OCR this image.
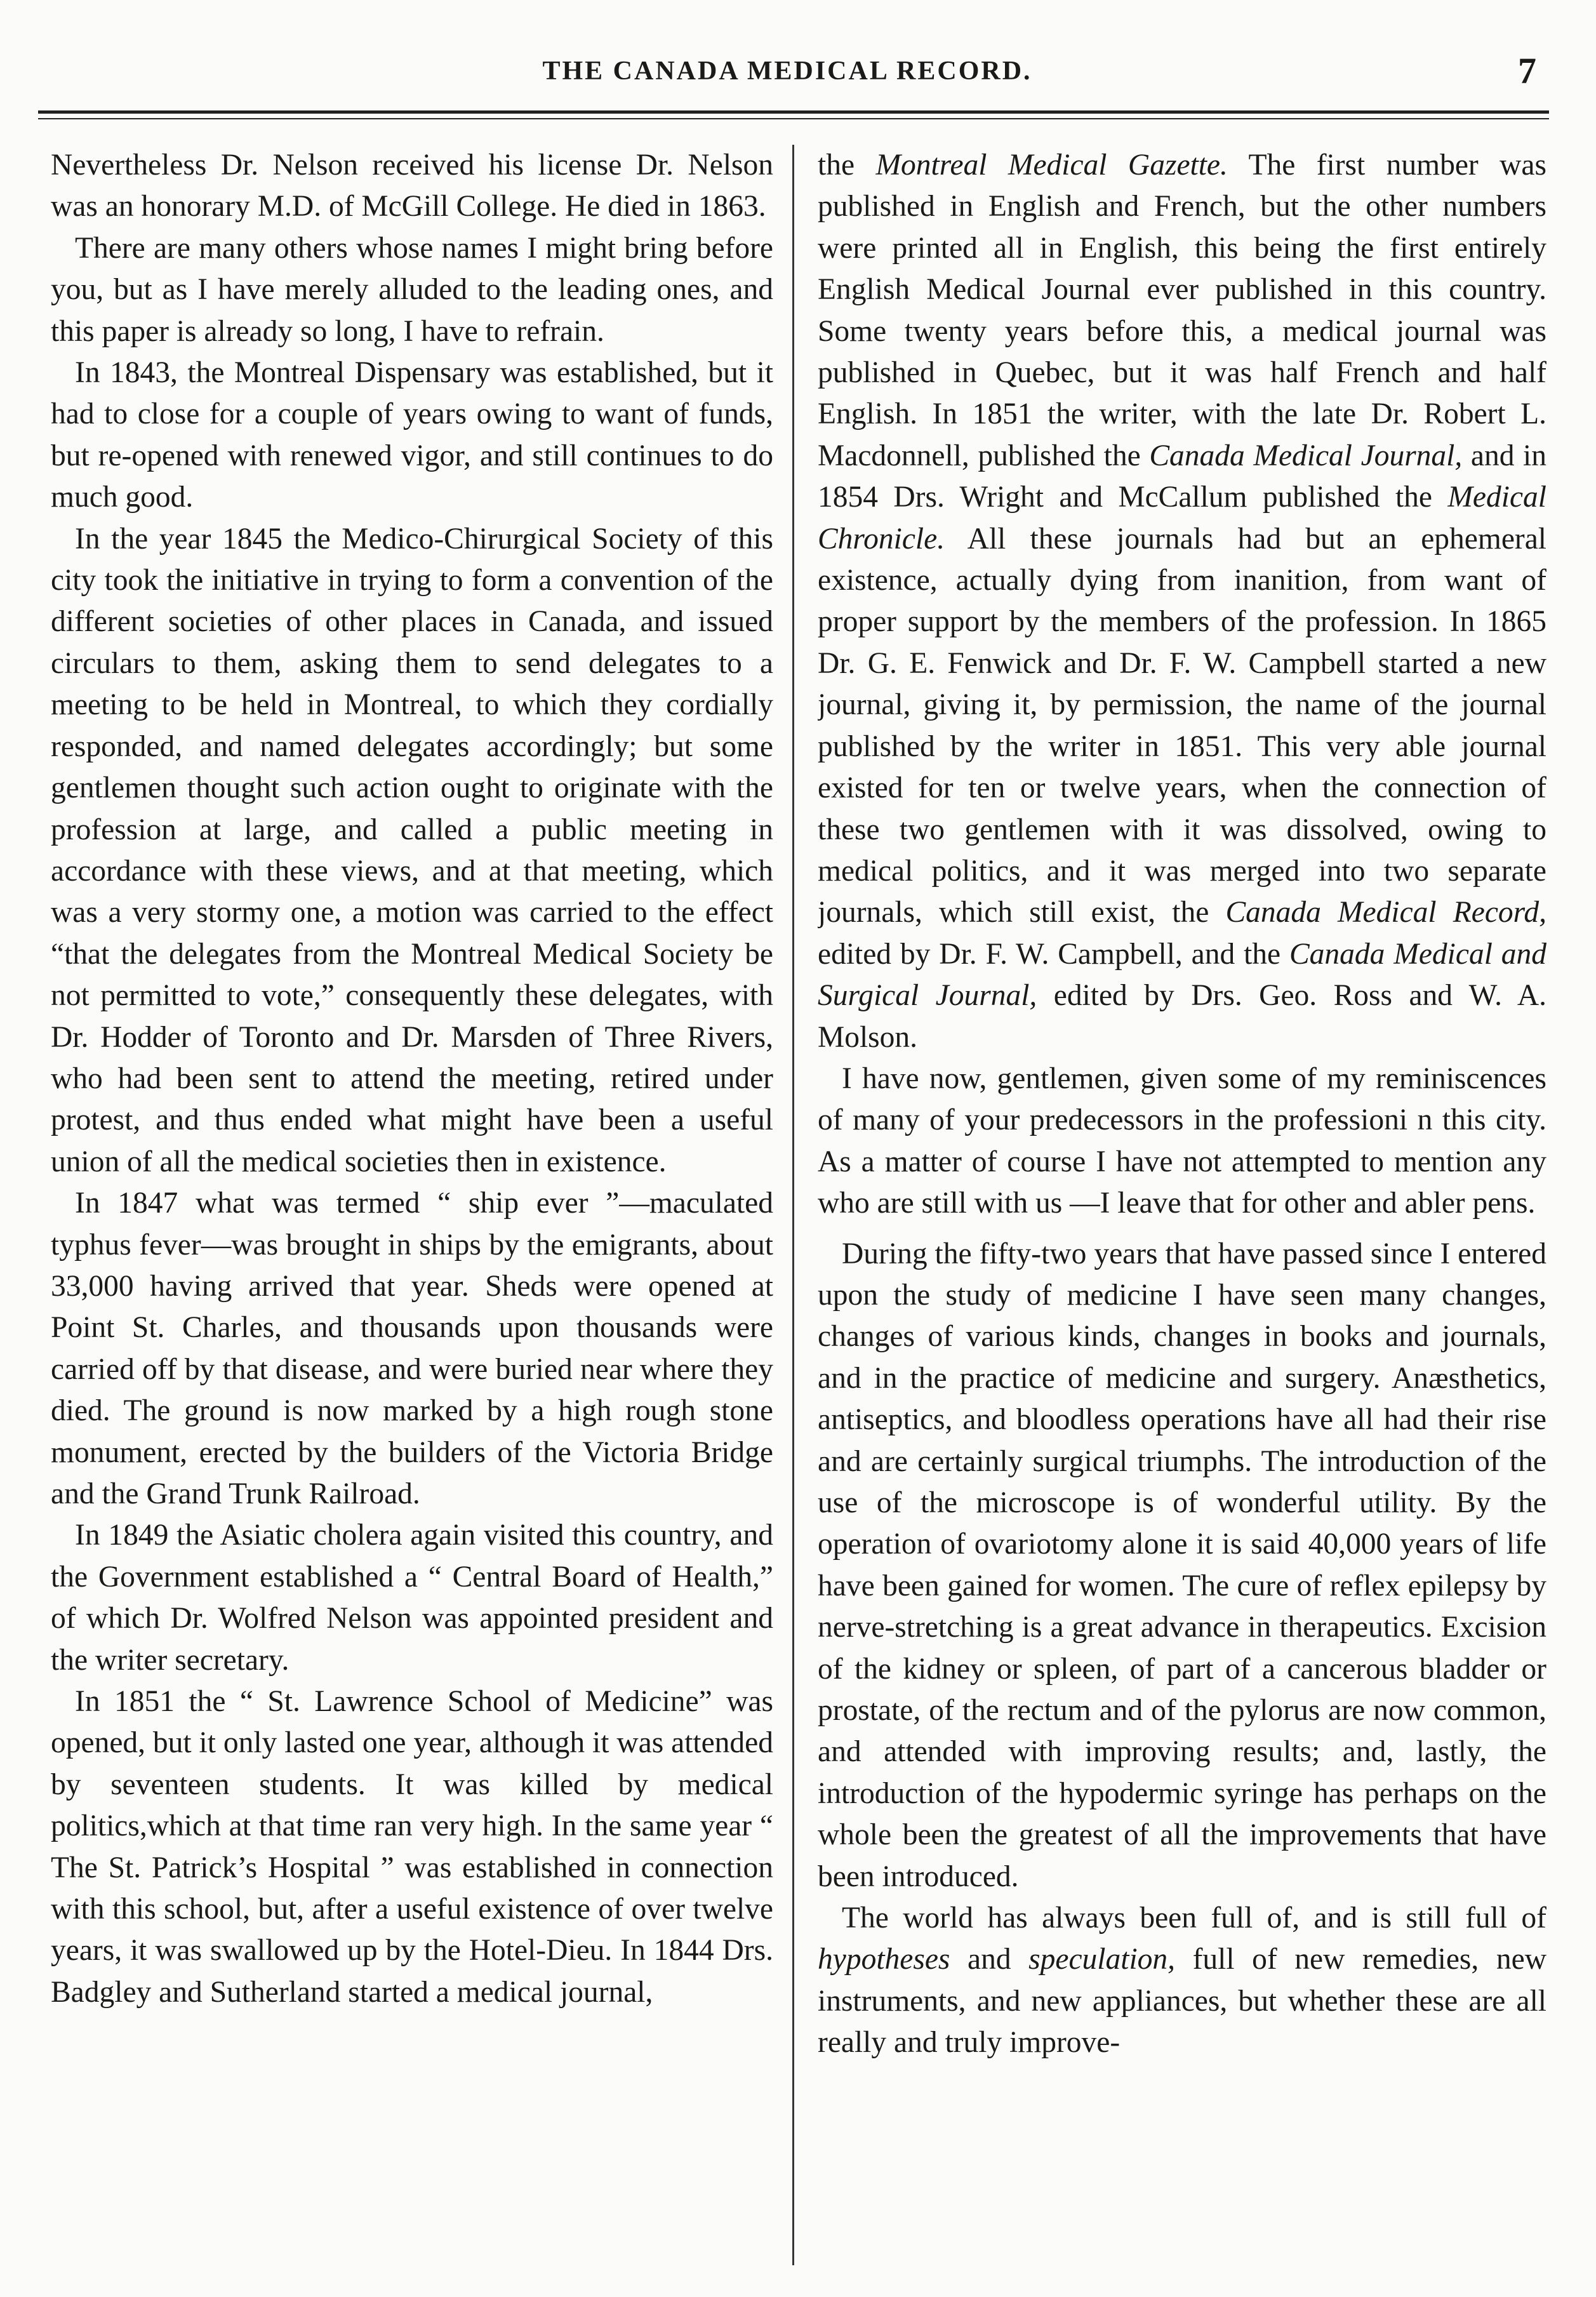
THE CANADA MEDICAL RECORD.	7

Nevertheless Dr. Nelson received his license Dr. Nelson was an honorary M.D. of McGill College. He died in 1863.

There are many others whose names I might bring before you, but as I have merely alluded to the leading ones, and this paper is already so long, I have to refrain.

In 1843, the Montreal Dispensary was established, but it had to close for a couple of years owing to want of funds, but re-opened with renewed vigor, and still continues to do much good.

In the year 1845 the Medico-Chirurgical Society of this city took the initiative in trying to form a convention of the different societies of other places in Canada, and issued circulars to them, asking them to send delegates to a meeting to be held in Montreal, to which they cordially responded, and named delegates accordingly; but some gentlemen thought such action ought to originate with the profession at large, and called a public meeting in accordance with these views, and at that meeting, which was a very stormy one, a motion was carried to the effect “that the delegates from the Montreal Medical Society be not permitted to vote,” consequently these delegates, with Dr. Hodder of Toronto and Dr. Marsden of Three Rivers, who had been sent to attend the meeting, retired under protest, and thus ended what might have been a useful union of all the medical societies then in existence.

In 1847 what was termed “ ship ever ”—maculated typhus fever—was brought in ships by the emigrants, about 33,000 having arrived that year. Sheds were opened at Point St. Charles, and thousands upon thousands were carried off by that disease, and were buried near where they died. The ground is now marked by a high rough stone monument, erected by the builders of the Victoria Bridge and the Grand Trunk Railroad.

In 1849 the Asiatic cholera again visited this country, and the Government established a “ Central Board of Health,” of which Dr. Wolfred Nelson was appointed president and the writer secretary.

In 1851 the “ St. Lawrence School of Medicine” was opened, but it only lasted one year, although it was attended by seventeen students. It was killed by medical politics,which at that time ran very high. In the same year “ The St. Patrick’s Hospital ” was established in connection with this school, but, after a useful existence of over twelve years, it was swallowed up by the Hotel-Dieu. In 1844 Drs. Badgley and Sutherland started a medical journal,

the Montreal Medical Gazette. The first number was published in English and French, but the other numbers were printed all in English, this being the first entirely English Medical Journal ever published in this country. Some twenty years before this, a medical journal was published in Quebec, but it was half French and half English. In 1851 the writer, with the late Dr. Robert L. Macdonnell, published the Canada Medical Journal, and in 1854 Drs. Wright and McCallum published the Medical Chronicle. All these journals had but an ephemeral existence, actually dying from inanition, from want of proper support by the members of the profession. In 1865 Dr. G. E. Fenwick and Dr. F. W. Campbell started a new journal, giving it, by permission, the name of the journal published by the writer in 1851. This very able journal existed for ten or twelve years, when the connection of these two gentlemen with it was dissolved, owing to medical politics, and it was merged into two separate journals, which still exist, the Canada Medical Record, edited by Dr. F. W. Campbell, and the Canada Medical and Surgical Journal, edited by Drs. Geo. Ross and W. A. Molson.

I have now, gentlemen, given some of my reminiscences of many of your predecessors in the professioni n this city. As a matter of course I have not attempted to mention any who are still with us —I leave that for other and abler pens.

During the fifty-two years that have passed since I entered upon the study of medicine I have seen many changes, changes of various kinds, changes in books and journals, and in the practice of medicine and surgery. Anæsthetics, antiseptics, and bloodless operations have all had their rise and are certainly surgical triumphs. The introduction of the use of the microscope is of wonderful utility. By the operation of ovariotomy alone it is said 40,000 years of life have been gained for women. The cure of reflex epilepsy by nerve-stretching is a great advance in therapeutics. Excision of the kidney or spleen, of part of a cancerous bladder or prostate, of the rectum and of the pylorus are now common, and attended with improving results; and, lastly, the introduction of the hypodermic syringe has perhaps on the whole been the greatest of all the improvements that have been introduced.

The world has always been full of, and is still full of hypotheses and speculation, full of new remedies, new instruments, and new appliances, but whether these are all really and truly improve-
